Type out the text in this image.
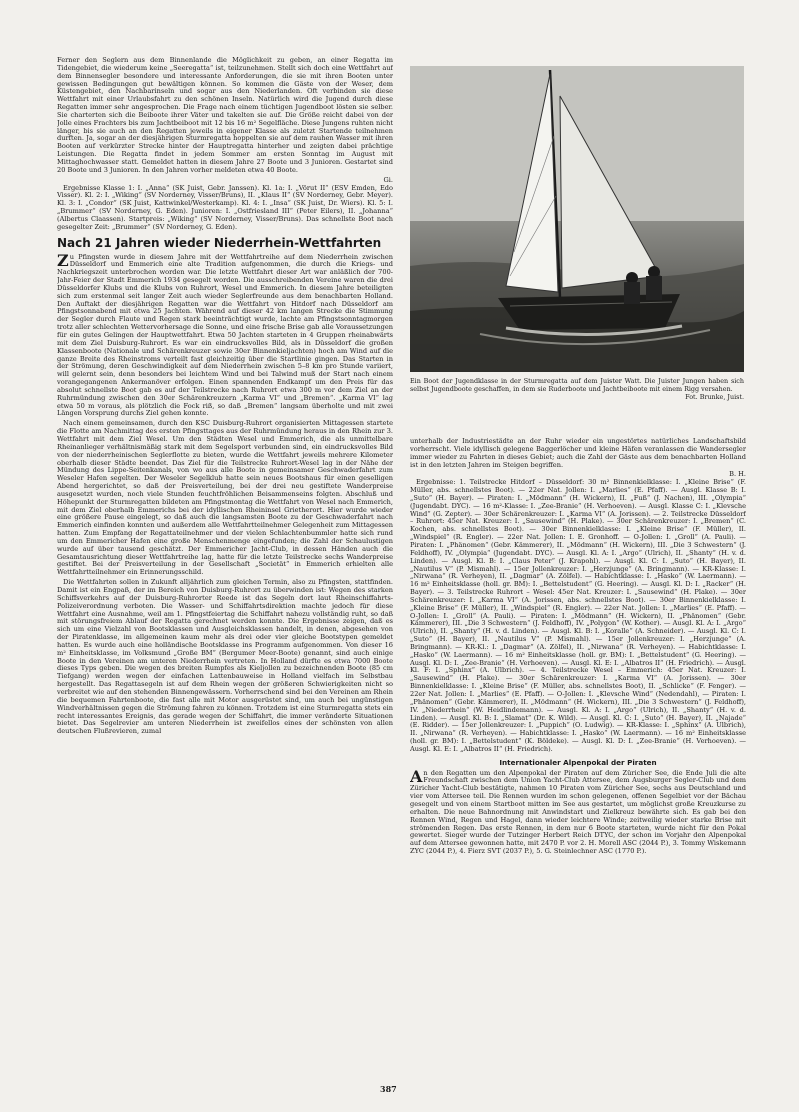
Ferner den Seglern aus dem Binnenlande die Möglichkeit zu geben, an einer Regatta im Tidengebiet, die wiederum keine „Seeregatta“ ist, teilzunehmen. Stellt sich doch eine Wettfahrt auf dem Binnensegler besondere und interessante Anforderungen, die sie mit ihren Booten unter gewissen Bedingungen gut bewältigen können. So kommen die Gäste von der Weser, dem Küstengebiet, den Nachbarinseln und sogar aus den Niederlanden. Oft verbinden sie diese Wettfahrt mit einer Urlaubsfahrt zu den schönen Inseln. Natürlich wird die Jugend durch diese Regatten immer sehr angesprochen. Die Frage nach einem tüchtigen Jugendboot lösten sie selber. Sie charterten sich die Beiboote ihrer Väter und takelten sie auf. Die Größe reicht dabei von der Jolle eines Frachters bis zum Jachtbeiboot mit 12 bis 16 m² Segelfläche. Diese Jungens ruhten nicht länger, bis sie auch an den Regatten jeweils in eigener Klasse als zuletzt Startende teilnehmen durften. Ja, sogar an der diesjährigen Sturmregatta hoppelten sie auf dem rauhen Wasser mit ihren Booten auf verkürzter Strecke hinter der Hauptregatta hinterher und zeigten dabei prächtige Leistungen. Die Regatta findet in jedem Sommer am ersten Sonntag im August mit Mittaghochwasser statt. Gemeldet hatten in diesem Jahre 27 Boote und 3 Junioren. Gestartet sind 20 Boote und 3 Junioren. In den Jahren vorher meldeten etwa 40 Boote.

Gi.

Ergebnisse Klasse 1: I. „Anna“ (SK Juist, Gebr. Janssen). Kl. 1a: I. „Vörut II“ (ESV Emden, Edo Visser). Kl. 2: I. „Wiking“ (SV Norderney, Visser/Bruns), II. „Klaus II“ (SV Norderney, Gebr. Meyer). Kl. 3: I. „Condor“ (SK Juist, Kattwinkel/Westerkamp). Kl. 4: I. „Insa“ (SK Juist, Dr. Wiers). Kl. 5: I. „Brummer“ (SV Norderney, G. Eden). Junioren: I. „Ostfriesland III“ (Peter Eilers), II. „Johanna“ (Albertus Claassen). Startpreis: „Wiking“ (SV Norderney, Visser/Bruns). Das schnellste Boot nach gesegelter Zeit: „Brummer“ (SV Norderney, G. Eden).

Nach 21 Jahren wieder Niederrhein-Wettfahrten

Zu Pfingsten wurde in diesem Jahre mit der Wettfahrtreihe auf dem Niederrhein zwischen Düsseldorf und Emmerich eine alte Tradition aufgenommen, die durch die Kriegs- und Nachkriegszeit unterbrochen worden war. Die letzte Wettfahrt dieser Art war anläßlich der 700-Jahr-Feier der Stadt Emmerich 1934 gesegelt worden. Die ausschreibenden Vereine waren die drei Düsseldorfer Klubs und die Klubs von Ruhrort, Wesel und Emmerich. In diesem Jahre beteiligten sich zum erstenmal seit langer Zeit auch wieder Seglerfreunde aus dem benachbarten Holland. Den Auftakt der diesjährigen Regatten war die Wettfahrt von Hitdorf nach Düsseldorf am Pfingstsonnabend mit etwa 25 Jachten. Während auf dieser 42 km langen Strecke die Stimmung der Segler durch Flaute und Regen stark beeinträchtigt wurde, lachte am Pfingstsonntagmorgen trotz aller schlechten Wettervorhersage die Sonne, und eine frische Brise gab alle Voraussetzungen für ein gutes Gelingen der Hauptwettfahrt. Etwa 50 Jachten starteten in 4 Gruppen rheinabwärts mit dem Ziel Duisburg-Ruhrort. Es war ein eindrucksvolles Bild, als in Düsseldorf die großen Klassenboote (Nationale und Schärenkreuzer sowie 30er Binnenkieljachten) hoch am Wind auf die ganze Breite des Rheinstroms verteilt fast gleichzeitig über die Startlinie gingen. Das Starten in der Strömung, deren Geschwindigkeit auf dem Niederrhein zwischen 5–8 km pro Stunde variiert, will gelernt sein, denn besonders bei leichtem Wind und bei Talwind muß der Start nach einem vorangegangenen Ankermanöver erfolgen. Einen spannenden Endkampf um den Preis für das absolut schnellste Boot gab es auf der Teilstrecke nach Ruhrort etwa 300 m vor dem Ziel an der Ruhrmündung zwischen den 30er Schärenkreuzern „Karma VI“ und „Bremen“. „Karma VI“ lag etwa 50 m voraus, als plötzlich die Fock riß, so daß „Bremen“ langsam überholte und mit zwei Längen Vorsprung durchs Ziel gehen konnte.

Nach einem gemeinsamen, durch den KSC Duisburg-Ruhrort organisierten Mittagessen startete die Flotte am Nachmittag des ersten Pfingsttages aus der Ruhrmündung heraus in den Rhein zur 3. Wettfahrt mit dem Ziel Wesel. Um den Städten Wesel und Emmerich, die als unmittelbare Rheinanlieger verhältnismäßig stark mit dem Segelsport verbunden sind, ein eindrucksvolles Bild von der niederrheinischen Seglerflotte zu bieten, wurde die Wettfahrt jeweils mehrere Kilometer oberhalb dieser Städte beendet. Das Ziel für die Teilstrecke Ruhrort-Wesel lag in der Nähe der Mündung des Lippe-Seitenkanals, von wo aus alle Boote in gemeinsamer Geschwaderfahrt zum Weseler Hafen segelten. Der Weseler Segelklub hatte sein neues Bootshaus für einen geselligen Abend hergerichtet, so daß der Preisverteilung, bei der drei neu gestiftete Wanderpreise ausgesetzt wurden, noch viele Stunden feuchtfröhlichen Beisammenseins folgten. Abschluß und Höhepunkt der Sturmregatten bildeten am Pfingstmontag die Wettfahrt von Wesel nach Emmerich, mit dem Ziel oberhalb Emmerichs bei der idyllischen Rheininsel Grietherort. Hier wurde wieder eine größere Pause eingelegt, so daß auch die langsamsten Boote zu der Geschwaderfahrt nach Emmerich einfinden konnten und außerdem alle Wettfahrtteilnehmer Gelegenheit zum Mittagessen hatten. Zum Empfang der Regattateilnehmer und der vielen Schlachtenbummler hatte sich rund um den Emmericher Hafen eine große Menschenmenge eingefunden; die Zahl der Schaulustigen wurde auf über tausend geschätzt. Der Emmericher Jacht-Club, in dessen Händen auch die Gesamtausrichtung dieser Wettfahrtreihe lag, hatte für die letzte Teilstrecke sechs Wanderpreise gestiftet. Bei der Preisverteilung in der Gesellschaft „Societät“ in Emmerich erhielten alle Wettfahrtteilnehmer ein Erinnerungsschild.

Die Wettfahrten sollen in Zukunft alljährlich zum gleichen Termin, also zu Pfingsten, stattfinden. Damit ist ein Engpaß, der im Bereich von Duisburg-Ruhrort zu überwinden ist: Wegen des starken Schiffsverkehrs auf der Duisburg-Ruhrorter Reede ist das Segeln dort laut Rheinschiffahrts-Polizeiverordnung verboten. Die Wasser- und Schiffahrtsdirektion machte jedoch für diese Wettfahrt eine Ausnahme, weil am 1. Pfingstfeiertag die Schiffahrt nahezu vollständig ruht, so daß mit störungsfreiem Ablauf der Regatta gerechnet werden konnte. Die Ergebnisse zeigen, daß es sich um eine Vielzahl von Bootsklassen und Ausgleichsklassen handelt, in denen, abgesehen von der Piratenklasse, im allgemeinen kaum mehr als drei oder vier gleiche Bootstypen gemeldet hatten. Es wurde auch eine holländische Bootsklasse ins Programm aufgenommen. Von dieser 16 m² Einheitsklasse, im Volksmund „Große BM“ (Bergumer Meer-Boote) genannt, sind auch einige Boote in den Vereinen am unteren Niederrhein vertreten. In Holland dürfte es etwa 7000 Boote dieses Typs geben. Die wegen des breiten Rumpfes als Kieljollen zu bezeichnenden Boote (85 cm Tiefgang) werden wegen der einfachen Lattenbauweise in Holland vielfach im Selbstbau hergestellt. Das Regattasegeln ist auf dem Rhein wegen der größeren Schwierigkeiten nicht so verbreitet wie auf den stehenden Binnengewässern. Vorherrschend sind bei den Vereinen am Rhein die bequemen Fahrtenboote, die fast alle mit Motor ausgerüstet sind, um auch bei ungünstigen Windverhältnissen gegen die Strömung fahren zu können. Trotzdem ist eine Sturmregatta stets ein recht interessantes Ereignis, das gerade wegen der Schiffahrt, die immer veränderte Situationen bietet. Das Segelrevier am unteren Niederrhein ist zweifellos eines der schönsten von allen deutschen Flußrevieren, zumal

Ein Boot der Jugendklasse in der Sturmregatta auf dem Juister Watt. Die Juister Jungen haben sich selbst Jugendboote geschaffen, in dem sie Ruderboote und Jachtbeiboote mit einem Rigg versahen.
Fot. Brunke, Juist.

unterhalb der Industriestädte an der Ruhr wieder ein ungestörtes natürliches Landschaftsbild vorherrscht. Viele idyllisch gelegene Baggerlöcher und kleine Häfen veranlassen die Wandersegler immer wieder zu Fahrten in dieses Gebiet; auch die Zahl der Gäste aus dem benachbarten Holland ist in den letzten Jahren im Steigen begriffen.

B. H.

Ergebnisse: 1. Teilstrecke Hitdorf – Düsseldorf: 30 m² Binnenkielklasse: I. „Kleine Brise“ (F. Müller, abs. schnellstes Boot). — 22er Nat. Jollen: I. „Marlies“ (E. Pfaff). — Ausgl. Klasse B: I. „Suto“ (H. Bayer). — Piraten: I. „Mödmann“ (H. Wickern), II. „Fuß“ (J. Nachen), III. „Olympia“ (Jugendabt. DYC). — 16 m²-Klasse: I. „Zee-Branie“ (H. Verhoeven). — Ausgl. Klasse C: I. „Klevsche Wind“ (G. Zepter). — 30er Schärenkreuzer: I. „Karma VI“ (A. Jorissen). — 2. Teilstrecke Düsseldorf – Ruhrort: 45er Nat. Kreuzer: I. „Sausewind“ (H. Plake). — 30er Schärenkreuzer: I. „Bremen“ (C. Kochen, abs. schnellstes Boot). — 30er Binnenkielklasse: I. „Kleine Brise“ (F. Müller), II. „Windspiel“ (R. Engler). — 22er Nat. Jollen: I. E. Gronhoff. — O-Jollen: I. „Groll“ (A. Pauli). — Piraten: I. „Phänomen“ (Gebr. Kämmerer), II. „Mödmann“ (H. Wickern), III. „Die 3 Schwestern“ (J. Feldhoff), IV. „Olympia“ (Jugendabt. DYC). — Ausgl. Kl. A: I. „Argo“ (Ulrich), II. „Shanty“ (H. v. d. Linden). — Ausgl. Kl. B: I. „Claus Peter“ (J. Krapohl). — Ausgl. Kl. C: I. „Suto“ (H. Bayer), II. „Nautilus V“ (P. Mismahl). — 15er Jollenkreuzer: I. „Herzjunge“ (A. Bringmann). — KR-Klasse: I. „Nirwana“ (R. Verheyen), II. „Dagmar“ (A. Zölfel). — Habichtklasse: I. „Hasko“ (W. Laermann). — 16 m² Einheitsklasse (holl. gr. BM): I. „Bettelstudent“ (G. Heering). — Ausgl. Kl. D: I. „Racker“ (H. Bayer). — 3. Teilstrecke Ruhrort – Wesel: 45er Nat. Kreuzer: I. „Sausewind“ (H. Plake). — 30er Schärenkreuzer: I. „Karma VI“ (A. Jorissen, abs. schnellstes Boot). — 30er Binnenkielklasse: I. „Kleine Brise“ (F. Müller), II. „Windspiel“ (R. Engler). — 22er Nat. Jollen: I. „Marlies“ (E. Pfaff). — O-Jollen: I. „Groll“ (A. Pauli). — Piraten: I. „Mödmann“ (H. Wickern), II. „Phänomen“ (Gebr. Kämmerer), III. „Die 3 Schwestern“ (J. Feldhoff), IV. „Polygon“ (W. Kother). — Ausgl. Kl. A: I. „Argo“ (Ulrich), II. „Shanty“ (H. v. d. Linden). — Ausgl. Kl. B: I. „Koralle“ (A. Schneider). — Ausgl. Kl. C: I. „Suto“ (H. Bayer), II. „Nautilus V“ (P. Mismahl). — 15er Jollenkreuzer: I. „Herzjunge“ (A. Bringmann). — KR-Kl.: I. „Dagmar“ (A. Zölfel), II. „Nirwana“ (R. Verheyen). — Habichtklasse: I. „Hasko“ (W. Laermann). — 16 m² Einheitsklasse (holl. gr. BM): I. „Bettelstudent“ (G. Heering). — Ausgl. Kl. D: I. „Zee-Branie“ (H. Verhoeven). — Ausgl. Kl. E: I. „Albatros II“ (H. Friedrich). — Ausgl. Kl. F: I. „Sphinx“ (A. Ulbrich). — 4. Teilstrecke Wesel – Emmerich: 45er Nat. Kreuzer: I. „Sausewind“ (H. Plake). — 30er Schärenkreuzer: I. „Karma VI“ (A. Jorissen). — 30er Binnenkielklasse: I. „Kleine Brise“ (F. Müller, abs. schnellstes Boot), II. „Schlicke“ (F. Fenger). — 22er Nat. Jollen: I. „Marlies“ (E. Pfaff). — O-Jollen: I. „Klevsche Wind“ (Nedendahl), — Piraten: I. „Phänomen“ (Gebr. Kämmerer), II. „Mödmann“ (H. Wickern), III. „Die 3 Schwestern“ (J. Feldhoff), IV. „Niederrhein“ (W. Heidlindemann). — Ausgl. Kl. A: I. „Argo“ (Ulrich), II. „Shanty“ (H. v. d. Linden). — Ausgl. Kl. B: I. „Slamat“ (Dr. K. Wild). — Ausgl. Kl. C: I. „Suto“ (H. Bayer), II. „Najade“ (E. Ridder). — 15er Jollenkreuzer: I. „Puppich“ (O. Ludwig). — KR-Klasse: I. „Sphinx“ (A. Ulbrich), II. „Nirwana“ (R. Verheyen). — Habichtklasse: I. „Hasko“ (W. Laermann). — 16 m² Einheitsklasse (holl. gr. BM): I. „Bettelstudent“ (K. Böldeke). — Ausgl. Kl. D: I. „Zee-Branie“ (H. Verhoeven). — Ausgl. Kl. E: I. „Albatros II“ (H. Friedrich).

Internationaler Alpenpokal der Piraten

An den Regatten um den Alpenpokal der Piraten auf dem Züricher See, die Ende Juli die alte Freundschaft zwischen dem Union Yacht-Club Attersee, dem Augsburger Segler-Club und dem Züricher Yacht-Club bestätigte, nahmen 10 Piraten vom Züricher See, sechs aus Deutschland und vier vom Attersee teil. Die Rennen wurden im schon gelegenen, offenen Segelbiet vor der Bächau gesegelt und von einem Startboot mitten im See aus gestartet, um möglichst große Kreuzkurse zu erhalten. Die neue Bahnordnung mit Anwindstart und Zielkreuz bewährte sich. Es gab bei den Rennen Wind, Regen und Hagel, dann wieder leichtere Winde; zeitweilig wieder starke Brise mit strömenden Regen. Das erste Rennen, in dem nur 6 Boote starteten, wurde nicht für den Pokal gewertet. Sieger wurde der Tutzinger Herbert Reich DTYC, der schon im Vorjahr den Alpenpokal auf dem Attersee gewonnen hatte, mit 2470 P. vor 2. H. Morell ASC (2044 P.), 3. Tommy Wiskemann ZYC (2044 P.), 4. Fierz SVT (2037 P.), 5. G. Steinlechner ASC (1770 P.).

387
